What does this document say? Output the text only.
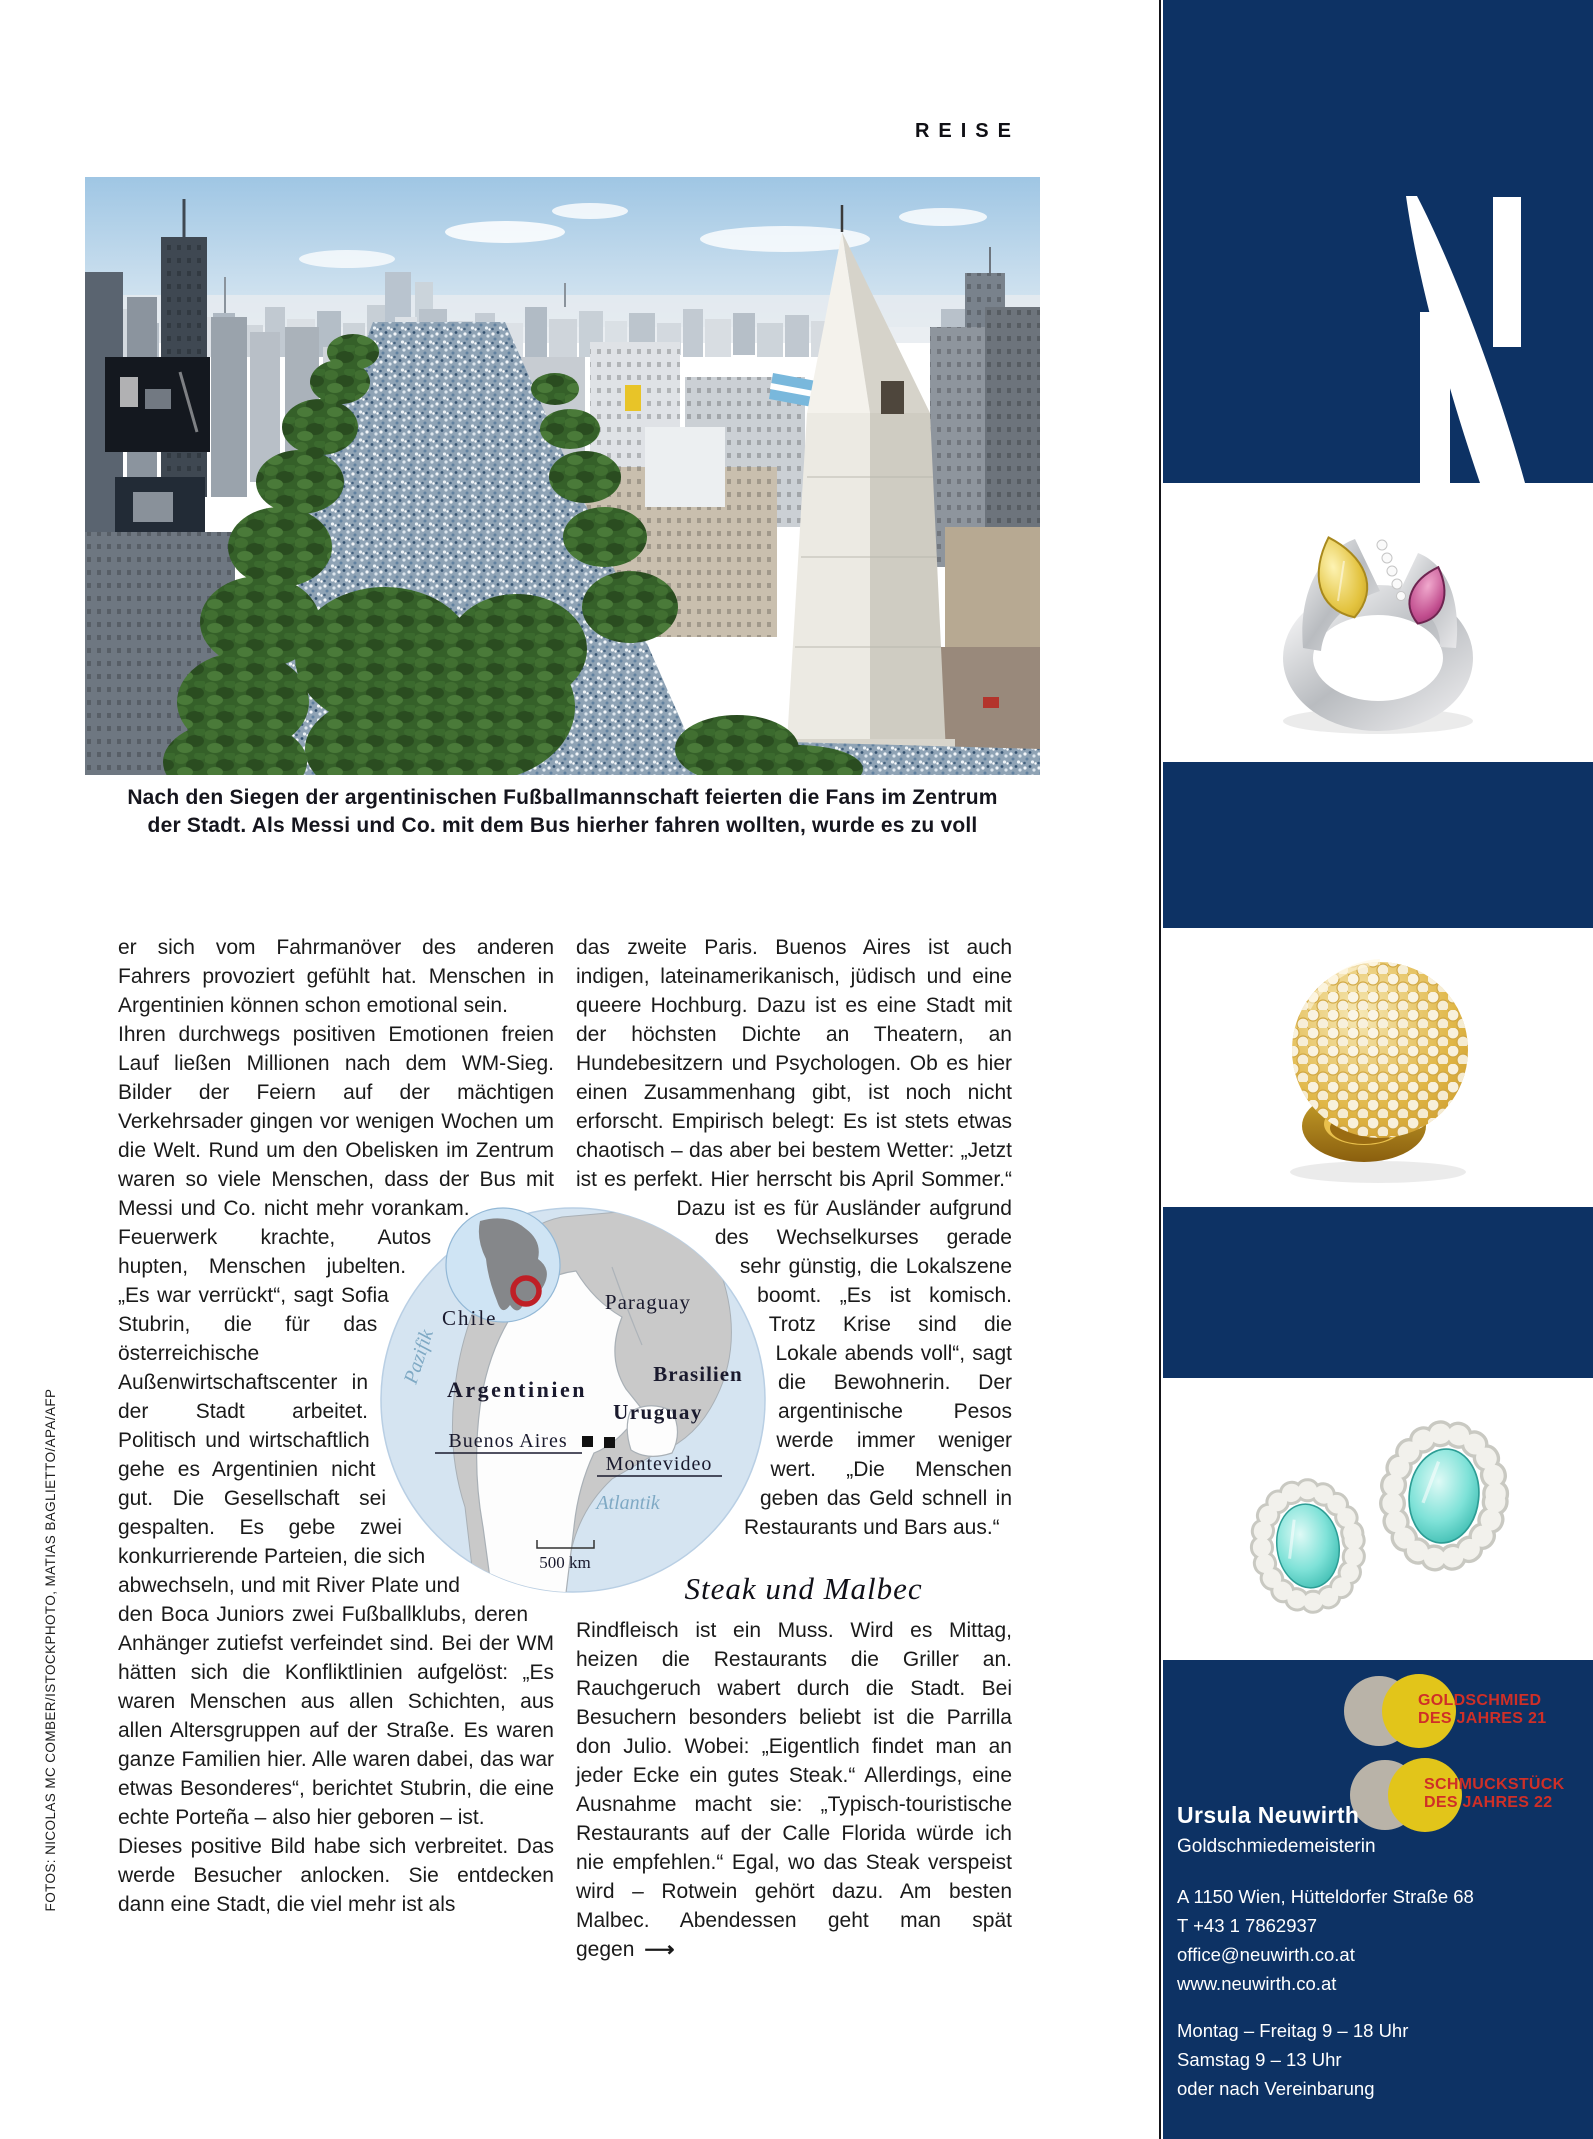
REISE

Nach den Siegen der argentinischen Fußballmannschaft feierten die Fans im Zentrum der Stadt. Als Messi und Co. mit dem Bus hierher fahren wollten, wurde es zu voll

er sich vom Fahrmanöver des anderen Fahrers provoziert gefühlt hat. Menschen in Argentinien können schon emotional sein.

Ihren durchwegs positiven Emotionen freien Lauf ließen Millionen nach dem WM-Sieg. Bilder der Feiern auf der mächtigen Verkehrsader gingen vor wenigen Wochen um die Welt. Rund um den Obelisken im Zentrum waren so viele Menschen, dass der Bus mit Messi und Co. nicht mehr vorankam. Feuerwerk krachte, Autos hupten, Menschen jubelten. „Es war verrückt“, sagt Sofia Stubrin, die für das österreichische Außenwirtschaftscenter in der Stadt arbeitet. Politisch und wirtschaftlich gehe es Argentinien nicht gut. Die Gesellschaft sei gespalten. Es gebe zwei konkurrierende Parteien, die sich abwechseln, und mit River Plate und den Boca Juniors zwei Fußballklubs, deren Anhänger zutiefst verfeindet sind. Bei der WM hätten sich die Konfliktlinien aufgelöst: „Es waren Menschen aus allen Schichten, aus allen Altersgruppen auf der Straße. Es waren ganze Familien hier. Alle waren dabei, das war etwas Besonderes“, berichtet Stubrin, die eine echte Porteña – also hier geboren – ist.

Dieses positive Bild habe sich verbreitet. Das werde Besucher anlocken. Sie entdecken dann eine Stadt, die viel mehr ist als

das zweite Paris. Buenos Aires ist auch indigen, lateinamerikanisch, jüdisch und eine queere Hochburg. Dazu ist es eine Stadt mit der höchsten Dichte an Theatern, an Hundebesitzern und Psychologen. Ob es hier einen Zusammenhang gibt, ist noch nicht erforscht. Empirisch belegt: Es ist stets etwas chaotisch – das aber bei bestem Wetter: „Jetzt ist es perfekt. Hier herrscht bis April Sommer.“ Dazu ist es für Ausländer aufgrund des Wechselkurses gerade sehr günstig, die Lokalszene boomt. „Es ist komisch. Trotz Krise sind die Lokale abends voll“, sagt die Bewohnerin. Der argentinische Pesos werde immer weniger wert. „Die Menschen geben das Geld schnell in Restaurants und Bars aus.“

Steak und Malbec

Rindfleisch ist ein Muss. Wird es Mittag, heizen die Restaurants die Griller an. Rauchgeruch wabert durch die Stadt. Bei Besuchern besonders beliebt ist die Parrilla don Julio. Wobei: „Eigentlich findet man an jeder Ecke ein gutes Steak.“ Allerdings, eine Ausnahme macht sie: „Typisch-touristische Restaurants auf der Calle Florida würde ich nie empfehlen.“ Egal, wo das Steak verspeist wird – Rotwein gehört dazu. Am besten Malbec. Abendessen geht man spät gegen ⟶

Chile
Paraguay
Argentinien
Brasilien
Uruguay
Buenos Aires
Montevideo
Atlantik
Pazifik
500 km
FOTOS: NICOLAS MC COMBER/ISTOCKPHOTO, MATIAS BAGLIETTO/APA/AFP	GOLDSCHMIED
DES JAHRES 21
SCHMUCKSTÜCK
DES JAHRES 22
Ursula Neuwirth
Goldschmiedemeisterin
A 1150 Wien, Hütteldorfer Straße 68
T +43 1 7862937
office@neuwirth.co.at
www.neuwirth.co.at
Montag – Freitag 9 – 18 Uhr
Samstag 9 – 13 Uhr
oder nach Vereinbarung
